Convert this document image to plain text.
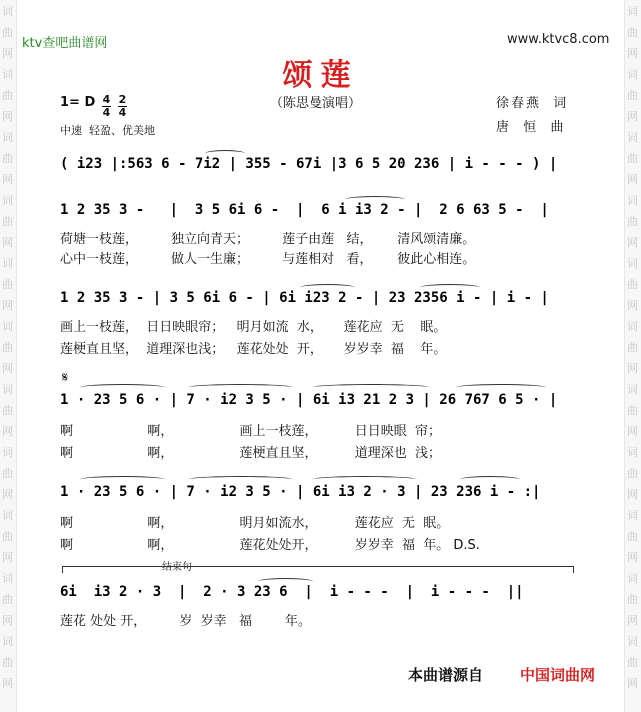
词
曲
网
词
曲
网
词
曲
网
词
曲
网
词
曲
网
词
曲
网
词
曲
网
词
曲
网
词
曲
网
词
曲
网
词
曲
网
词
曲
网
词
曲
网
词
曲
网
词
曲
网
词
曲
网
词
曲
网
词
曲
网
词
曲
网
词
曲
网
词
曲
网
词
曲
网
ktv查吧曲谱网	www.ktvc8.com
颂莲
（陈思曼演唱）
1= D 4
4
2
4
中速  轻盈、优美地
徐春燕  词
唐  恒  曲
( i23 |:563 6 - 7i2 | 355 - 67i |3 6 5 20 236 | i - - - ) |
1 2 35 3 -   |  3 5 6i 6 -  |  6 i i3 2 - |  2 6 63 5 -  |
荷塘一枝莲，        独立向青天；        莲子由莲   结，      清风颂清廉。
心中一枝莲，        做人一生廉；        与莲相对   看，      彼此心相连。
1 2 35 3 - | 3 5 6i 6 - | 6i i23 2 - | 23 2356 i - | i - |
画上一枝莲，  日日映眼帘；   明月如流  水，     莲花应  无    眠。
莲梗直且坚，  道理深也浅；   莲花处处  开，     岁岁幸  福    年。
𝄋
1 · 23 5 6 · | 7 · i2 3 5 · | 6i i3 21 2 3 | 26 767 6 5 · |
啊                  啊，                画上一枝莲，         日日映眼  帘；
啊                  啊，                莲梗直且坚，         道理深也  浅；
1 · 23 5 6 · | 7 · i2 3 5 · | 6i i3 2 · 3 | 23 236 i - :|
啊                  啊，                明月如流水，         莲花应  无  眠。
啊                  啊，                莲花处处开，         岁岁幸  福  年。 D.S.
结束句
6i  i3 2 · 3  |  2 · 3 23 6  |  i - - -  |  i - - -  ||
莲花 处处 开，        岁  岁幸   福        年。
本曲谱源自 中国词曲网
